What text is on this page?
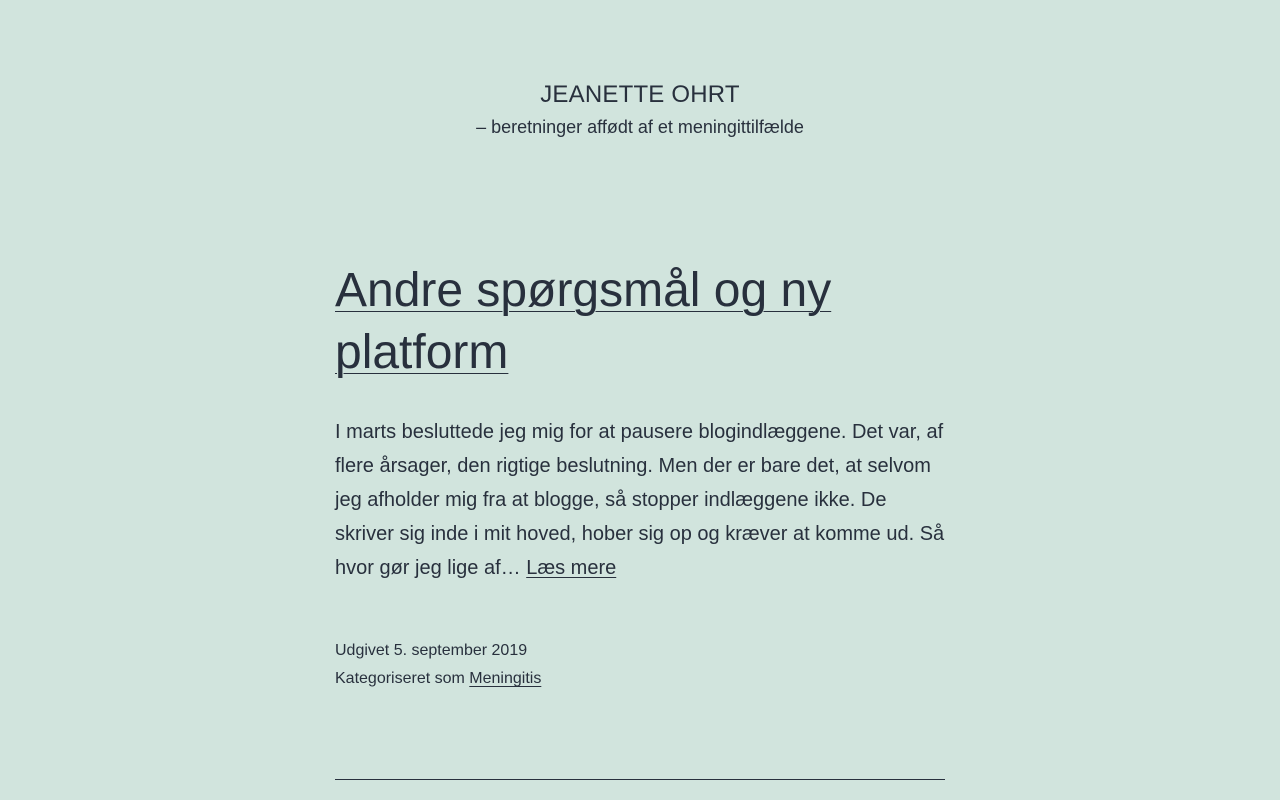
JEANETTE OHRT
– beretninger affødt af et meningittilfælde
Andre spørgsmål og ny platform

I marts besluttede jeg mig for at pausere blogindlæggene. Det var, af flere årsager, den rigtige beslutning. Men der er bare det, at selvom jeg afholder mig fra at blogge, så stopper indlæggene ikke. De skriver sig inde i mit hoved, hober sig op og kræver at komme ud. Så hvor gør jeg lige af… Læs mere

Udgivet 5. september 2019
Kategoriseret som Meningitis
